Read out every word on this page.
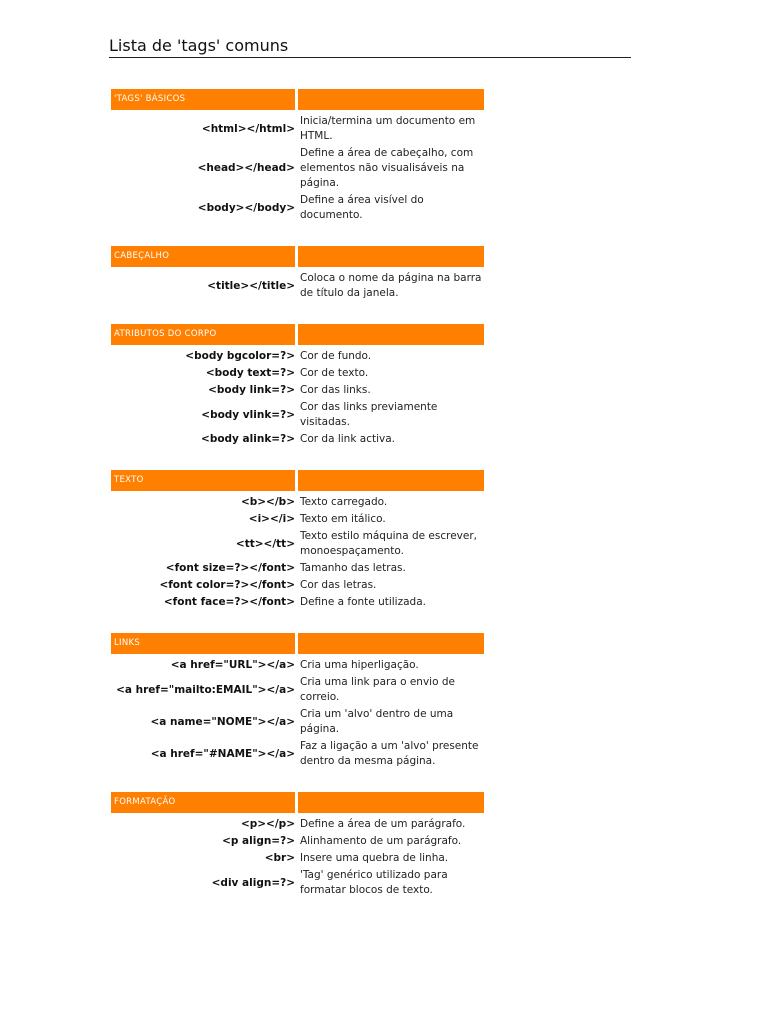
Lista de 'tags' comuns
'TAGS' BÁSICOS
<html></html>
Inicia/termina um documento em HTML.
<head></head>
Define a área de cabeçalho, com elementos não visualisáveis na página.
<body></body>
Define a área visível do documento.
CABEÇALHO
<title></title>
Coloca o nome da página na barra de título da janela.
ATRIBUTOS DO CORPO
<body bgcolor=?> Cor de fundo.
<body text=?> Cor de texto.
<body link=?> Cor das links.
<body vlink=?>
Cor das links previamente visitadas.
<body alink=?> Cor da link activa.
TEXTO
<b></b> Texto carregado.
<i></i> Texto em itálico.
<tt></tt>
Texto estilo máquina de escrever, monoespaçamento.
<font size=?></font> Tamanho das letras.
<font color=?></font> Cor das letras.
<font face=?></font> Define a fonte utilizada.
LINKS
<a href="URL"></a> Cria uma hiperligação.
<a href="mailto:EMAIL"></a>
Cria uma link para o envio de correio.
<a name="NOME"></a>
Cria um 'alvo' dentro de uma página.
<a href="#NAME"></a>
Faz a ligação a um 'alvo' presente dentro da mesma página.
FORMATAÇÃO
<p></p> Define a área de um parágrafo.
<p align=?> Alinhamento de um parágrafo.
<br> Insere uma quebra de linha.
<div align=?>
'Tag' genérico utilizado para formatar blocos de texto.
